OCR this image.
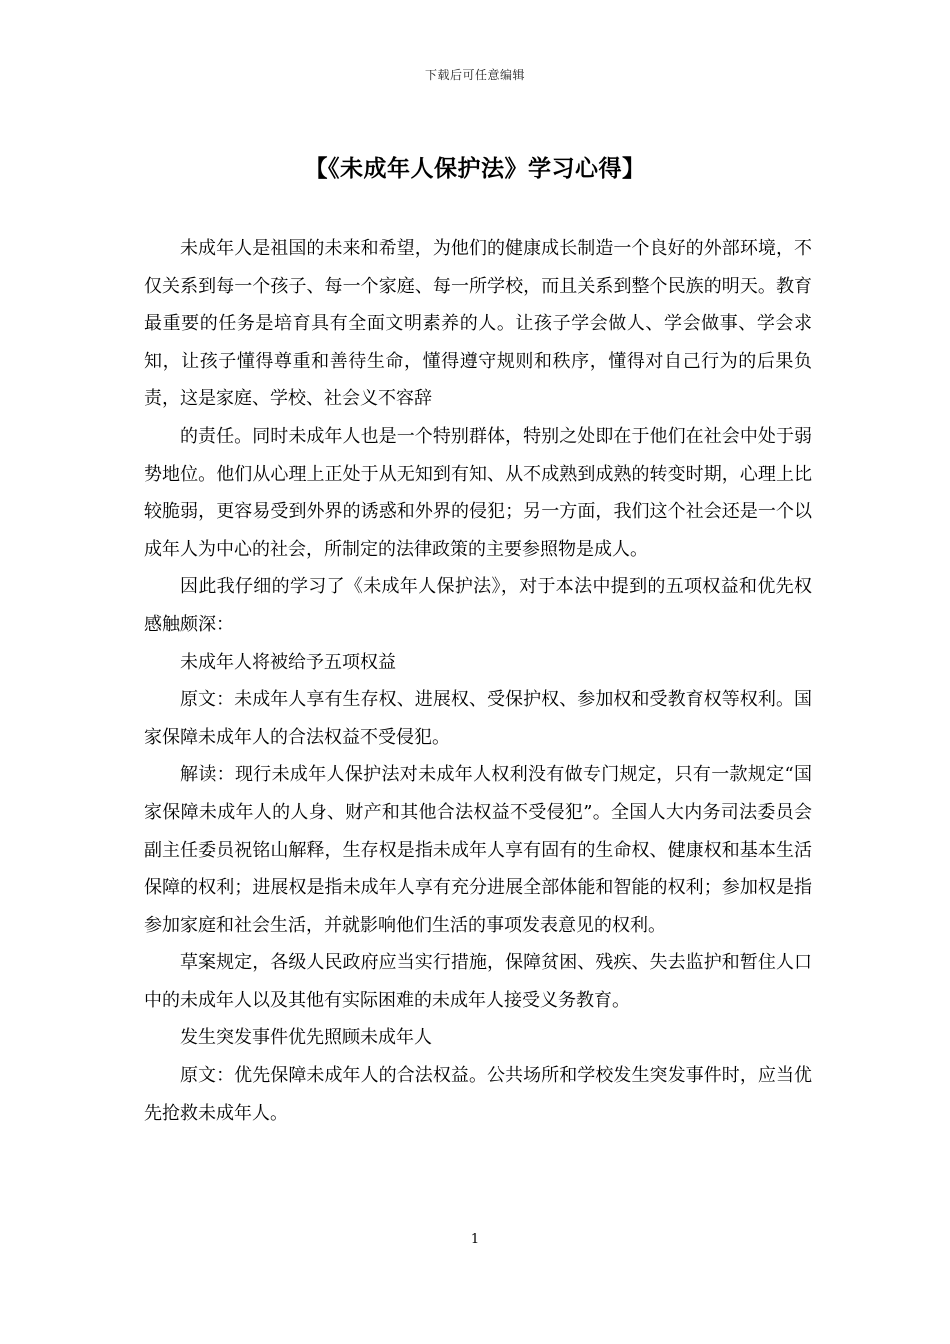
下载后可任意编辑
【《未成年人保护法》学习心得】

未成年人是祖国的未来和希望，为他们的健康成长制造一个良好的外部环境，不仅关系到每一个孩子、每一个家庭、每一所学校，而且关系到整个民族的明天。教育最重要的任务是培育具有全面文明素养的人。让孩子学会做人、学会做事、学会求知，让孩子懂得尊重和善待生命，懂得遵守规则和秩序，懂得对自己行为的后果负责，这是家庭、学校、社会义不容辞

的责任。同时未成年人也是一个特别群体，特别之处即在于他们在社会中处于弱势地位。他们从心理上正处于从无知到有知、从不成熟到成熟的转变时期，心理上比较脆弱，更容易受到外界的诱惑和外界的侵犯；另一方面，我们这个社会还是一个以成年人为中心的社会，所制定的法律政策的主要参照物是成人。

因此我仔细的学习了《未成年人保护法》，对于本法中提到的五项权益和优先权感触颇深：

未成年人将被给予五项权益

原文：未成年人享有生存权、进展权、受保护权、参加权和受教育权等权利。国家保障未成年人的合法权益不受侵犯。

解读：现行未成年人保护法对未成年人权利没有做专门规定，只有一款规定“国家保障未成年人的人身、财产和其他合法权益不受侵犯”。全国人大内务司法委员会副主任委员祝铭山解释，生存权是指未成年人享有固有的生命权、健康权和基本生活保障的权利；进展权是指未成年人享有充分进展全部体能和智能的权利；参加权是指参加家庭和社会生活，并就影响他们生活的事项发表意见的权利。

草案规定，各级人民政府应当实行措施，保障贫困、残疾、失去监护和暂住人口中的未成年人以及其他有实际困难的未成年人接受义务教育。

发生突发事件优先照顾未成年人

原文：优先保障未成年人的合法权益。公共场所和学校发生突发事件时，应当优先抢救未成年人。

1
